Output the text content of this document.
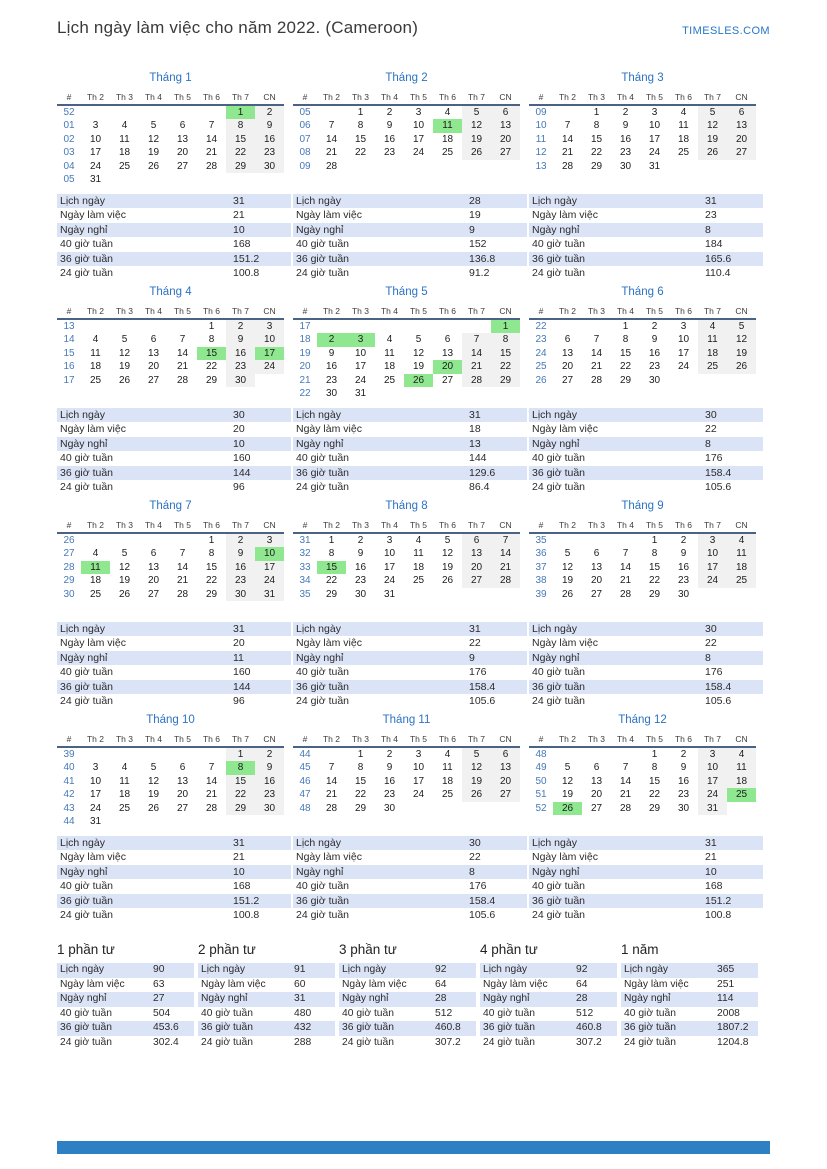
Lịch ngày làm việc cho năm 2022. (Cameroon)	TIMESLES.COM
Tháng 1
#	Th 2	Th 3	Th 4	Th 5	Th 6	Th 7	CN
52						1	2
01	3	4	5	6	7	8	9
02	10	11	12	13	14	15	16
03	17	18	19	20	21	22	23
04	24	25	26	27	28	29	30
05	31						
Lịch ngày	31
Ngày làm việc	21
Ngày nghỉ	10
40 giờ tuần	168
36 giờ tuần	151.2
24 giờ tuần	100.8
Tháng 2
#	Th 2	Th 3	Th 4	Th 5	Th 6	Th 7	CN
05		1	2	3	4	5	6
06	7	8	9	10	11	12	13
07	14	15	16	17	18	19	20
08	21	22	23	24	25	26	27
09	28						
Lịch ngày	28
Ngày làm việc	19
Ngày nghỉ	9
40 giờ tuần	152
36 giờ tuần	136.8
24 giờ tuần	91.2
Tháng 3
#	Th 2	Th 3	Th 4	Th 5	Th 6	Th 7	CN
09		1	2	3	4	5	6
10	7	8	9	10	11	12	13
11	14	15	16	17	18	19	20
12	21	22	23	24	25	26	27
13	28	29	30	31			
Lịch ngày	31
Ngày làm việc	23
Ngày nghỉ	8
40 giờ tuần	184
36 giờ tuần	165.6
24 giờ tuần	110.4
Tháng 4
#	Th 2	Th 3	Th 4	Th 5	Th 6	Th 7	CN
13					1	2	3
14	4	5	6	7	8	9	10
15	11	12	13	14	15	16	17
16	18	19	20	21	22	23	24
17	25	26	27	28	29	30	
Lịch ngày	30
Ngày làm việc	20
Ngày nghỉ	10
40 giờ tuần	160
36 giờ tuần	144
24 giờ tuần	96
Tháng 5
#	Th 2	Th 3	Th 4	Th 5	Th 6	Th 7	CN
17							1
18	2	3	4	5	6	7	8
19	9	10	11	12	13	14	15
20	16	17	18	19	20	21	22
21	23	24	25	26	27	28	29
22	30	31					
Lịch ngày	31
Ngày làm việc	18
Ngày nghỉ	13
40 giờ tuần	144
36 giờ tuần	129.6
24 giờ tuần	86.4
Tháng 6
#	Th 2	Th 3	Th 4	Th 5	Th 6	Th 7	CN
22			1	2	3	4	5
23	6	7	8	9	10	11	12
24	13	14	15	16	17	18	19
25	20	21	22	23	24	25	26
26	27	28	29	30			
Lịch ngày	30
Ngày làm việc	22
Ngày nghỉ	8
40 giờ tuần	176
36 giờ tuần	158.4
24 giờ tuần	105.6
Tháng 7
#	Th 2	Th 3	Th 4	Th 5	Th 6	Th 7	CN
26					1	2	3
27	4	5	6	7	8	9	10
28	11	12	13	14	15	16	17
29	18	19	20	21	22	23	24
30	25	26	27	28	29	30	31
Lịch ngày	31
Ngày làm việc	20
Ngày nghỉ	11
40 giờ tuần	160
36 giờ tuần	144
24 giờ tuần	96
Tháng 8
#	Th 2	Th 3	Th 4	Th 5	Th 6	Th 7	CN
31	1	2	3	4	5	6	7
32	8	9	10	11	12	13	14
33	15	16	17	18	19	20	21
34	22	23	24	25	26	27	28
35	29	30	31				
Lịch ngày	31
Ngày làm việc	22
Ngày nghỉ	9
40 giờ tuần	176
36 giờ tuần	158.4
24 giờ tuần	105.6
Tháng 9
#	Th 2	Th 3	Th 4	Th 5	Th 6	Th 7	CN
35				1	2	3	4
36	5	6	7	8	9	10	11
37	12	13	14	15	16	17	18
38	19	20	21	22	23	24	25
39	26	27	28	29	30		
Lịch ngày	30
Ngày làm việc	22
Ngày nghỉ	8
40 giờ tuần	176
36 giờ tuần	158.4
24 giờ tuần	105.6
Tháng 10
#	Th 2	Th 3	Th 4	Th 5	Th 6	Th 7	CN
39						1	2
40	3	4	5	6	7	8	9
41	10	11	12	13	14	15	16
42	17	18	19	20	21	22	23
43	24	25	26	27	28	29	30
44	31						
Lịch ngày	31
Ngày làm việc	21
Ngày nghỉ	10
40 giờ tuần	168
36 giờ tuần	151.2
24 giờ tuần	100.8
Tháng 11
#	Th 2	Th 3	Th 4	Th 5	Th 6	Th 7	CN
44		1	2	3	4	5	6
45	7	8	9	10	11	12	13
46	14	15	16	17	18	19	20
47	21	22	23	24	25	26	27
48	28	29	30				
Lịch ngày	30
Ngày làm việc	22
Ngày nghỉ	8
40 giờ tuần	176
36 giờ tuần	158.4
24 giờ tuần	105.6
Tháng 12
#	Th 2	Th 3	Th 4	Th 5	Th 6	Th 7	CN
48				1	2	3	4
49	5	6	7	8	9	10	11
50	12	13	14	15	16	17	18
51	19	20	21	22	23	24	25
52	26	27	28	29	30	31	
Lịch ngày	31
Ngày làm việc	21
Ngày nghỉ	10
40 giờ tuần	168
36 giờ tuần	151.2
24 giờ tuần	100.8
1 phần tư
Lịch ngày	90
Ngày làm việc	63
Ngày nghỉ	27
40 giờ tuần	504
36 giờ tuần	453.6
24 giờ tuần	302.4
2 phần tư
Lịch ngày	91
Ngày làm việc	60
Ngày nghỉ	31
40 giờ tuần	480
36 giờ tuần	432
24 giờ tuần	288
3 phần tư
Lịch ngày	92
Ngày làm việc	64
Ngày nghỉ	28
40 giờ tuần	512
36 giờ tuần	460.8
24 giờ tuần	307.2
4 phần tư
Lịch ngày	92
Ngày làm việc	64
Ngày nghỉ	28
40 giờ tuần	512
36 giờ tuần	460.8
24 giờ tuần	307.2
1 năm
Lịch ngày	365
Ngày làm việc	251
Ngày nghỉ	114
40 giờ tuần	2008
36 giờ tuần	1807.2
24 giờ tuần	1204.8
